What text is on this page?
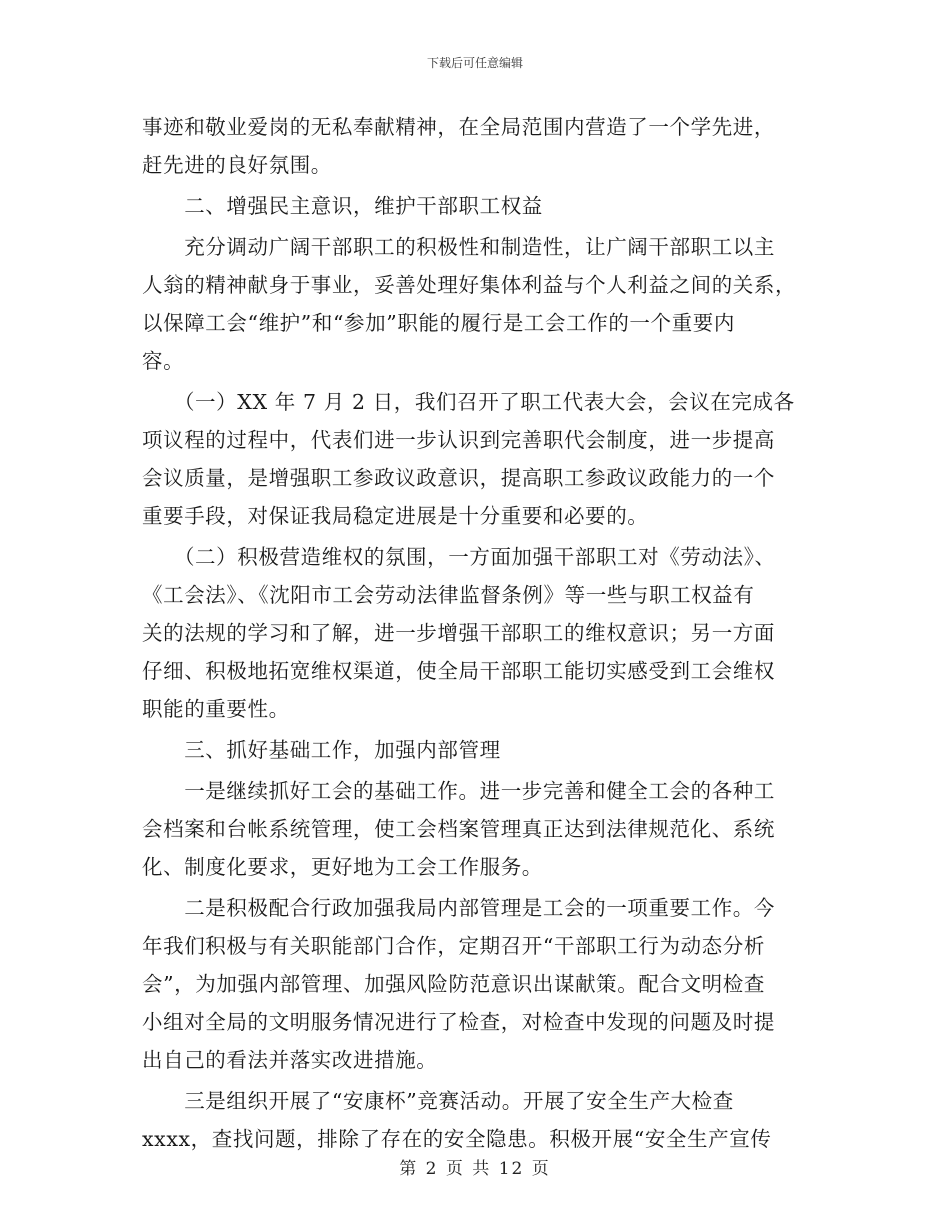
下载后可任意编辑
事迹和敬业爱岗的无私奉献精神，在全局范围内营造了一个学先进，
赶先进的良好氛围。
　　二、增强民主意识，维护干部职工权益
　　充分调动广阔干部职工的积极性和制造性，让广阔干部职工以主
人翁的精神献身于事业，妥善处理好集体利益与个人利益之间的关系，
以保障工会“维护”和“参加”职能的履行是工会工作的一个重要内
容。
　　（一）XX 年 7 月 2 日，我们召开了职工代表大会，会议在完成各
项议程的过程中，代表们进一步认识到完善职代会制度，进一步提高
会议质量，是增强职工参政议政意识，提高职工参政议政能力的一个
重要手段，对保证我局稳定进展是十分重要和必要的。
　　（二）积极营造维权的氛围，一方面加强干部职工对《劳动法》、
《工会法》、《沈阳市工会劳动法律监督条例》等一些与职工权益有
关的法规的学习和了解，进一步增强干部职工的维权意识；另一方面
仔细、积极地拓宽维权渠道，使全局干部职工能切实感受到工会维权
职能的重要性。
　　三、抓好基础工作，加强内部管理
　　一是继续抓好工会的基础工作。进一步完善和健全工会的各种工
会档案和台帐系统管理，使工会档案管理真正达到法律规范化、系统
化、制度化要求，更好地为工会工作服务。
　　二是积极配合行政加强我局内部管理是工会的一项重要工作。今
年我们积极与有关职能部门合作，定期召开“干部职工行为动态分析
会”，为加强内部管理、加强风险防范意识出谋献策。配合文明检查
小组对全局的文明服务情况进行了检查，对检查中发现的问题及时提
出自己的看法并落实改进措施。
　　三是组织开展了“安康杯”竞赛活动。开展了安全生产大检查
xxxx，查找问题，排除了存在的安全隐患。积极开展“安全生产宣传
第 2 页 共 12 页
